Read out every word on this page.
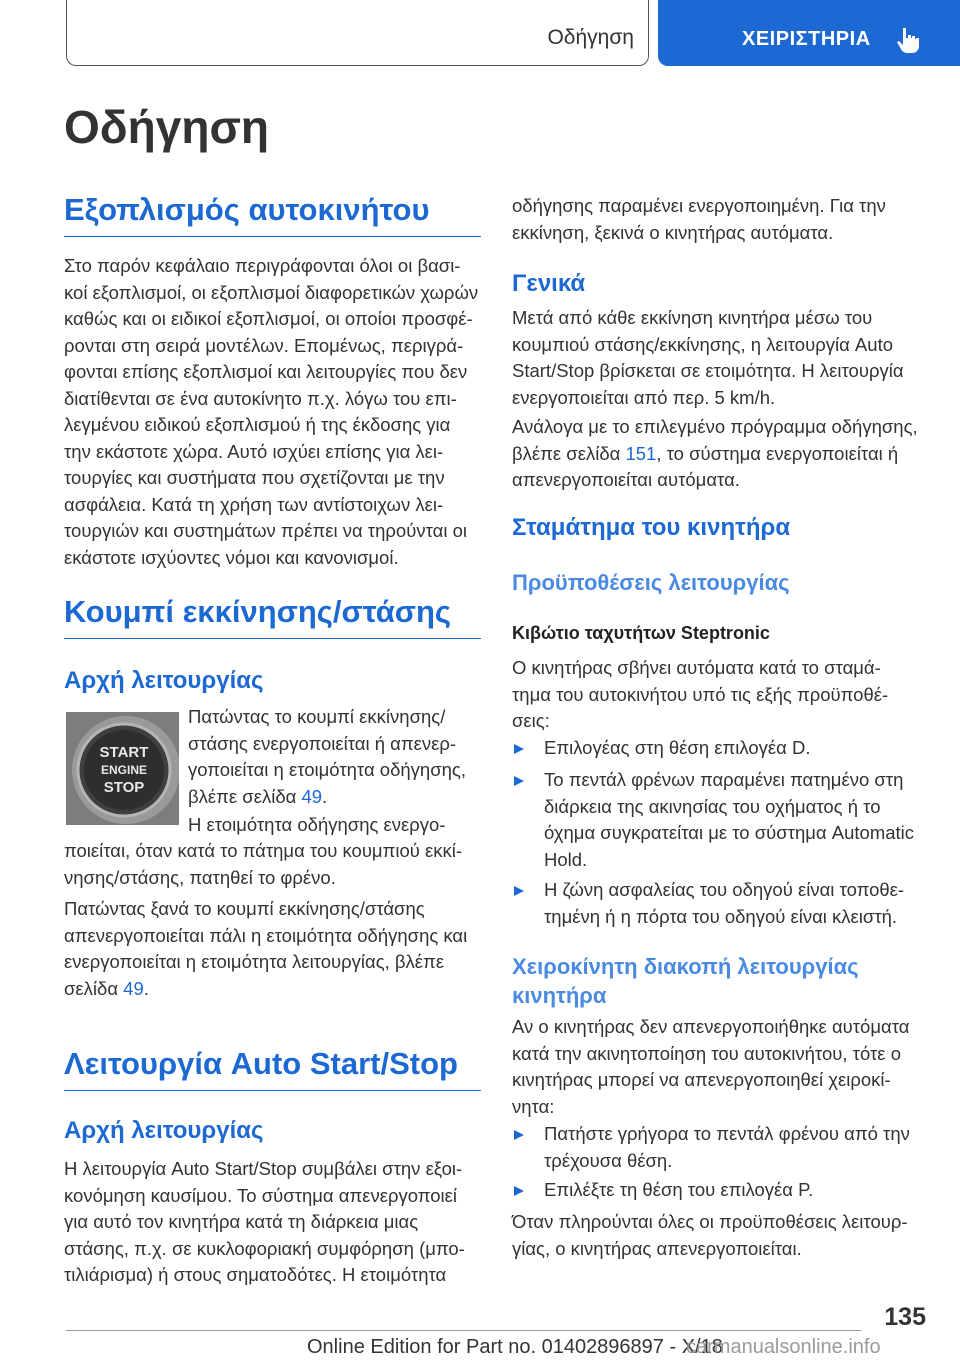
Οδήγηση	ΧΕΙΡΙΣΤΗΡΙΑ
Οδήγηση
Εξοπλισμός αυτοκινήτου

Στο παρόν κεφάλαιο περιγράφονται όλοι οι βασι-

κοί εξοπλισμοί, οι εξοπλισμοί διαφορετικών χωρών

καθώς και οι ειδικοί εξοπλισμοί, οι οποίοι προσφέ-

ρονται στη σειρά μοντέλων. Επομένως, περιγρά-

φονται επίσης εξοπλισμοί και λειτουργίες που δεν

διατίθενται σε ένα αυτοκίνητο π.χ. λόγω του επι-

λεγμένου ειδικού εξοπλισμού ή της έκδοσης για

την εκάστοτε χώρα. Αυτό ισχύει επίσης για λει-

τουργίες και συστήματα που σχετίζονται με την

ασφάλεια. Κατά τη χρήση των αντίστοιχων λει-

τουργιών και συστημάτων πρέπει να τηρούνται οι

εκάστοτε ισχύοντες νόμοι και κανονισμοί.

Κουμπί εκκίνησης/στάσης
Αρχή λειτουργίας

Πατώντας το κουμπί εκκίνησης/

στάσης ενεργοποιείται ή απενερ-

γοποιείται η ετοιμότητα οδήγησης,

βλέπε σελίδα 49.

Η ετοιμότητα οδήγησης ενεργο-

ποιείται, όταν κατά το πάτημα του κουμπιού εκκί-

νησης/στάσης, πατηθεί το φρένο.

Πατώντας ξανά το κουμπί εκκίνησης/στάσης

απενεργοποιείται πάλι η ετοιμότητα οδήγησης και

ενεργοποιείται η ετοιμότητα λειτουργίας, βλέπε

σελίδα 49.

Λειτουργία Auto Start/Stop
Αρχή λειτουργίας

Η λειτουργία Auto Start/Stop συμβάλει στην εξοι-

κονόμηση καυσίμου. Το σύστημα απενεργοποιεί

για αυτό τον κινητήρα κατά τη διάρκεια μιας

στάσης, π.χ. σε κυκλοφοριακή συμφόρηση (μπο-

τιλιάρισμα) ή στους σηματοδότες. Η ετοιμότητα

START
ENGINE
STOP

οδήγησης παραμένει ενεργοποιημένη. Για την

εκκίνηση, ξεκινά ο κινητήρας αυτόματα.

Γενικά

Μετά από κάθε εκκίνηση κινητήρα μέσω του

κουμπιού στάσης/εκκίνησης, η λειτουργία Auto

Start/Stop βρίσκεται σε ετοιμότητα. Η λειτουργία

ενεργοποιείται από περ. 5 km/h.

Ανάλογα με το επιλεγμένο πρόγραμμα οδήγησης,

βλέπε σελίδα 151, το σύστημα ενεργοποιείται ή

απενεργοποιείται αυτόματα.

Σταμάτημα του κινητήρα
Προϋποθέσεις λειτουργίας
Κιβώτιο ταχυτήτων Steptronic

Ο κινητήρας σβήνει αυτόματα κατά το σταμά-

τημα του αυτοκινήτου υπό τις εξής προϋποθέ-

σεις:

Επιλογέας στη θέση επιλογέα D.

Το πεντάλ φρένων παραμένει πατημένο στη

διάρκεια της ακινησίας του οχήματος ή το

όχημα συγκρατείται με το σύστημα Automatic

Hold.

Η ζώνη ασφαλείας του οδηγού είναι τοποθε-

τημένη ή η πόρτα του οδηγού είναι κλειστή.

Χειροκίνητη διακοπή λειτουργίας
κινητήρα

Αν ο κινητήρας δεν απενεργοποιήθηκε αυτόματα

κατά την ακινητοποίηση του αυτοκινήτου, τότε ο

κινητήρας μπορεί να απενεργοποιηθεί χειροκί-

νητα:

Πατήστε γρήγορα το πεντάλ φρένου από την

τρέχουσα θέση.

Επιλέξτε τη θέση του επιλογέα P.

Όταν πληρούνται όλες οι προϋποθέσεις λειτουρ-

γίας, ο κινητήρας απενεργοποιείται.

135
Online Edition for Part no. 01402896897 - X/18
carmanualsonline.info
